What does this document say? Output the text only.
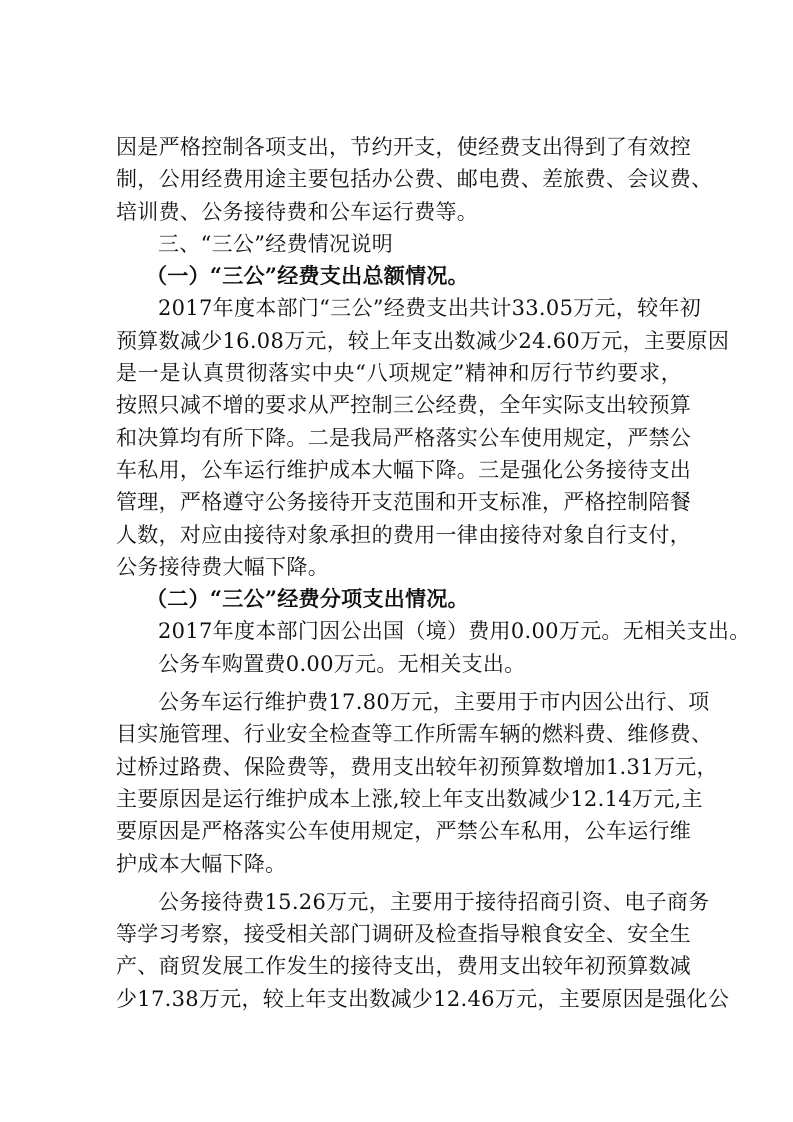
因是严格控制各项支出，节约开支，使经费支出得到了有效控
制，公用经费用途主要包括办公费、邮电费、差旅费、会议费、
培训费、公务接待费和公车运行费等。
三、“三公”经费情况说明
（一）“三公”经费支出总额情况。
2017年度本部门“三公”经费支出共计33.05万元，较年初
预算数减少16.08万元，较上年支出数减少24.60万元，主要原因
是一是认真贯彻落实中央“八项规定”精神和厉行节约要求，
按照只减不增的要求从严控制三公经费，全年实际支出较预算
和决算均有所下降。二是我局严格落实公车使用规定，严禁公
车私用，公车运行维护成本大幅下降。三是强化公务接待支出
管理，严格遵守公务接待开支范围和开支标准，严格控制陪餐
人数，对应由接待对象承担的费用一律由接待对象自行支付，
公务接待费大幅下降。
（二）“三公”经费分项支出情况。
2017年度本部门因公出国（境）费用0.00万元。无相关支出。
公务车购置费0.00万元。无相关支出。
公务车运行维护费17.80万元，主要用于市内因公出行、项
目实施管理、行业安全检查等工作所需车辆的燃料费、维修费、
过桥过路费、保险费等，费用支出较年初预算数增加1.31万元，
主要原因是运行维护成本上涨,较上年支出数减少12.14万元,主
要原因是严格落实公车使用规定，严禁公车私用，公车运行维
护成本大幅下降。
公务接待费15.26万元，主要用于接待招商引资、电子商务
等学习考察，接受相关部门调研及检查指导粮食安全、安全生
产、商贸发展工作发生的接待支出，费用支出较年初预算数减
少17.38万元，较上年支出数减少12.46万元，主要原因是强化公
